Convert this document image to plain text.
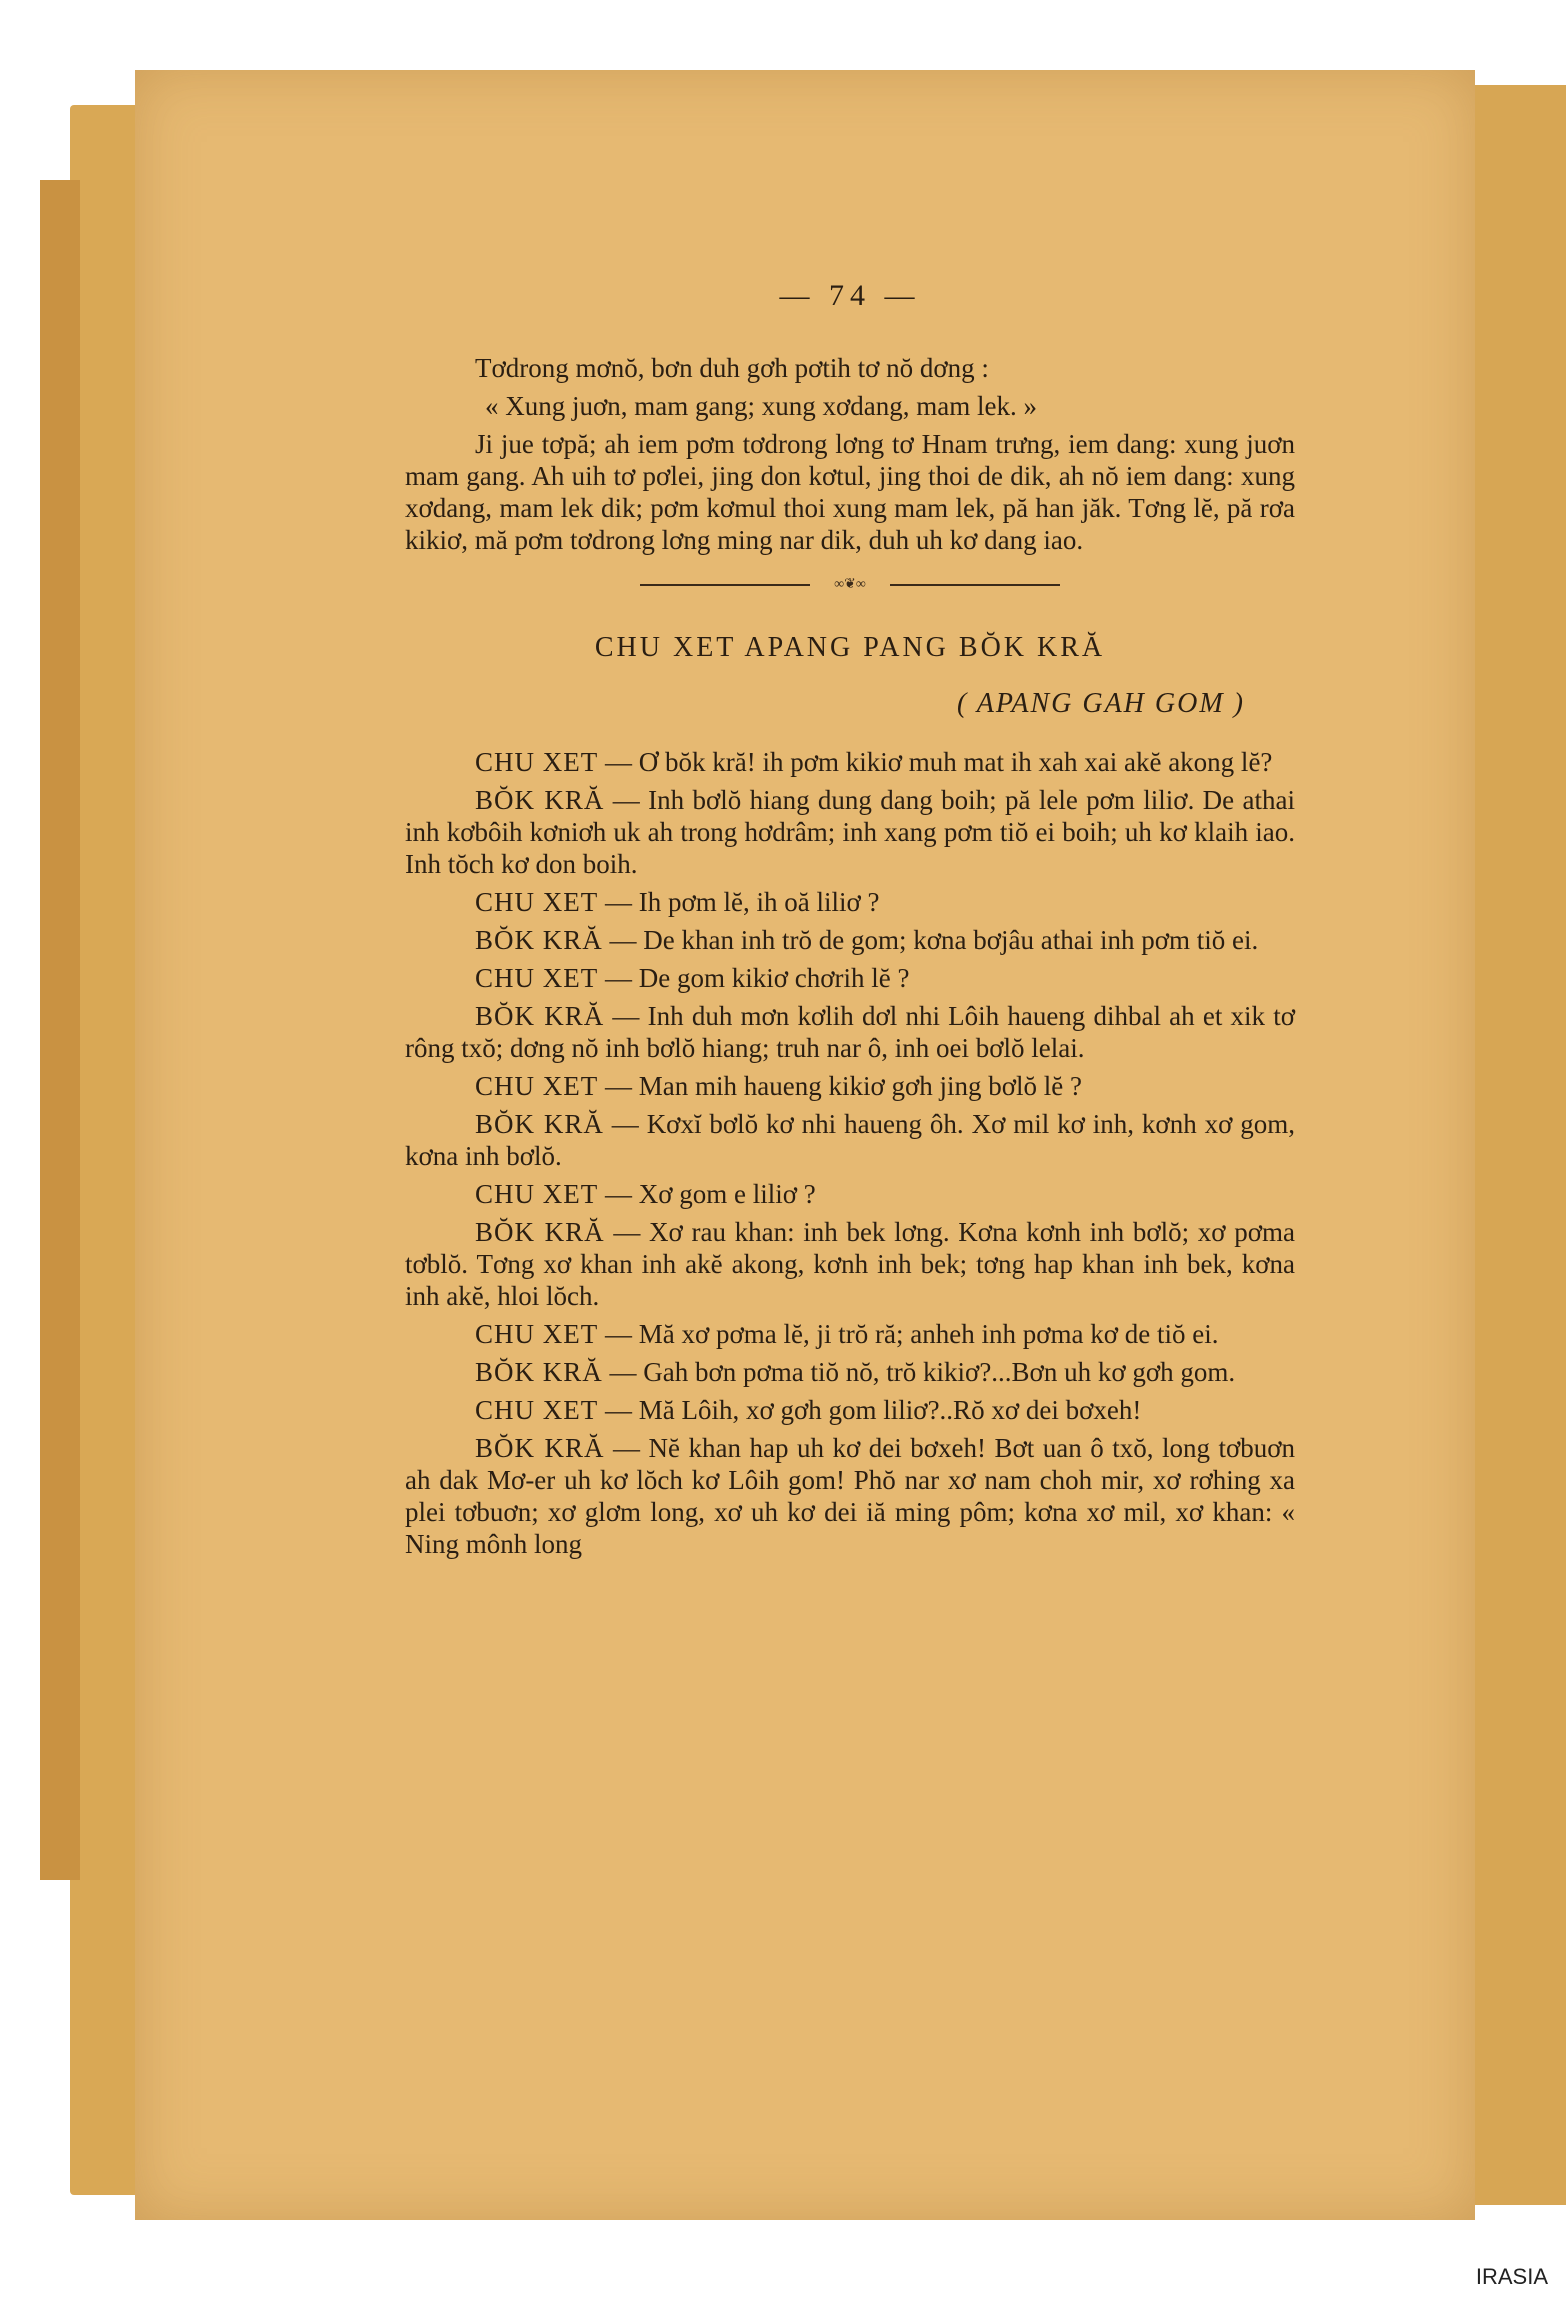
— 74 —

Tơdrong mơnŏ, bơn duh gơh pơtih tơ nŏ dơng :

« Xung juơn, mam gang; xung xơdang, mam lek. »

Ji jue tơpă; ah iem pơm tơdrong lơng tơ Hnam trưng, iem dang: xung juơn mam gang. Ah uih tơ pơlei, jing don kơtul, jing thoi de dik, ah nŏ iem dang: xung xơdang, mam lek dik; pơm kơmul thoi xung mam lek, pă han jăk. Tơng lĕ, pă rơa kikiơ, mă pơm tơdrong lơng ming nar dik, duh uh kơ dang iao.

∞❦∞
CHU XET APANG PANG BŎK KRĂ
( APANG GAH GOM )

CHU XET — Ơ bŏk kră! ih pơm kikiơ muh mat ih xah xai akĕ akong lĕ?

BŎK KRĂ — Inh bơlŏ hiang dung dang boih; pă lele pơm liliơ. De athai inh kơbôih kơniơh uk ah trong hơdrâm; inh xang pơm tiŏ ei boih; uh kơ klaih iao. Inh tŏch kơ don boih.

CHU XET — Ih pơm lĕ, ih oă liliơ ?

BŎK KRĂ — De khan inh trŏ de gom; kơna bơjâu athai inh pơm tiŏ ei.

CHU XET — De gom kikiơ chơrih lĕ ?

BŎK KRĂ — Inh duh mơn kơlih dơl nhi Lôih haueng dihbal ah et xik tơ rông txŏ; dơng nŏ inh bơlŏ hiang; truh nar ô, inh oei bơlŏ lelai.

CHU XET — Man mih haueng kikiơ gơh jing bơlŏ lĕ ?

BŎK KRĂ — Kơxĭ bơlŏ kơ nhi haueng ôh. Xơ mil kơ inh, kơnh xơ gom, kơna inh bơlŏ.

CHU XET — Xơ gom e liliơ ?

BŎK KRĂ — Xơ rau khan: inh bek lơng. Kơna kơnh inh bơlŏ; xơ pơma tơblŏ. Tơng xơ khan inh akĕ akong, kơnh inh bek; tơng hap khan inh bek, kơna inh akĕ, hloi lŏch.

CHU XET — Mă xơ pơma lĕ, ji trŏ ră; anheh inh pơma kơ de tiŏ ei.

BŎK KRĂ — Gah bơn pơma tiŏ nŏ, trŏ kikiơ?...Bơn uh kơ gơh gom.

CHU XET — Mă Lôih, xơ gơh gom liliơ?..Rŏ xơ dei bơxeh!

BŎK KRĂ — Nĕ khan hap uh kơ dei bơxeh! Bơt uan ô txŏ, long tơbuơn ah dak Mơ-er uh kơ lŏch kơ Lôih gom! Phŏ nar xơ nam choh mir, xơ rơhing xa plei tơbuơn; xơ glơm long, xơ uh kơ dei iă ming pôm; kơna xơ mil, xơ khan: « Ning mônh long

IRASIA
